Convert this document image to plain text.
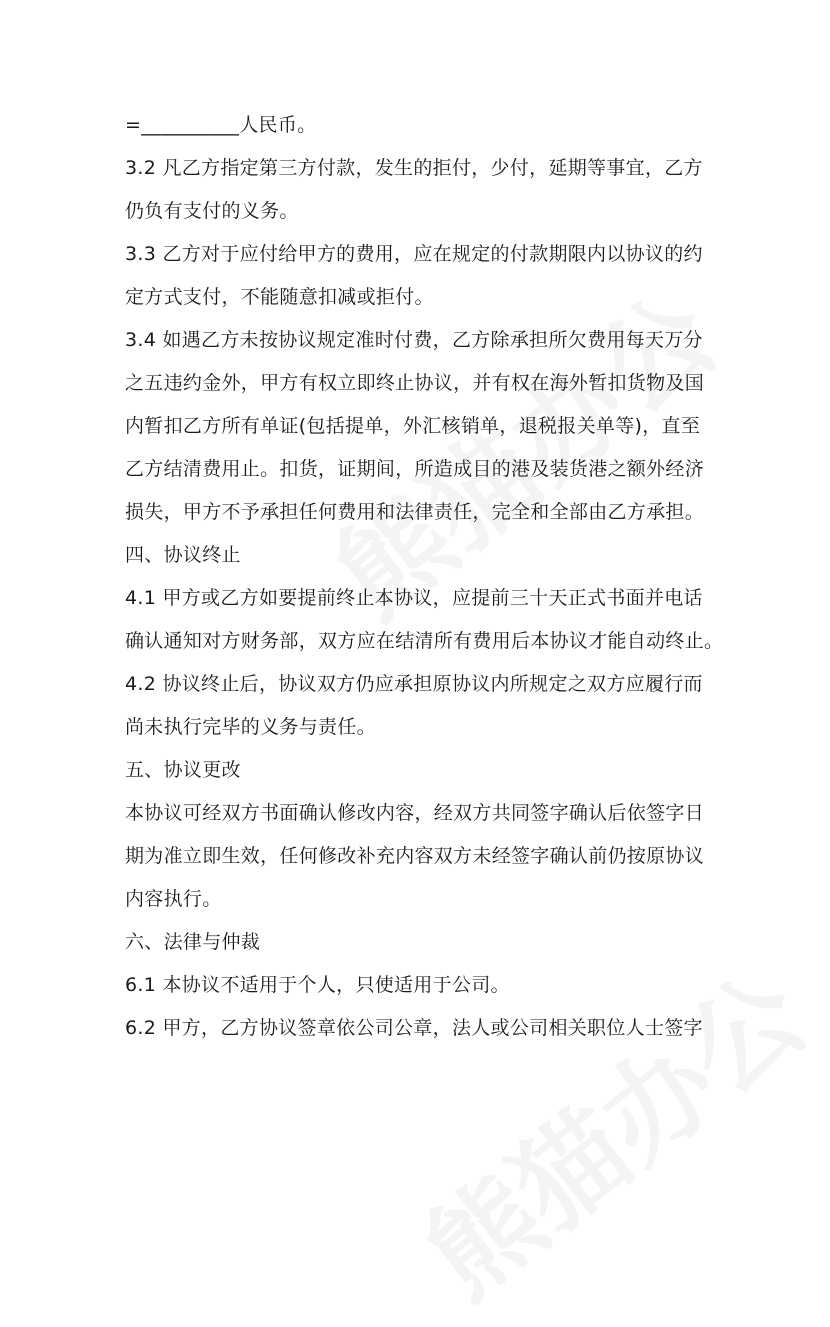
=__________人民币。
3.2 凡乙方指定第三方付款，发生的拒付，少付，延期等事宜，乙方
仍负有支付的义务。
3.3 乙方对于应付给甲方的费用，应在规定的付款期限内以协议的约
定方式支付，不能随意扣减或拒付。
3.4 如遇乙方未按协议规定准时付费，乙方除承担所欠费用每天万分
之五违约金外，甲方有权立即终止协议，并有权在海外暂扣货物及国
内暂扣乙方所有单证(包括提单，外汇核销单，退税报关单等)，直至
乙方结清费用止。扣货，证期间，所造成目的港及装货港之额外经济
损失，甲方不予承担任何费用和法律责任，完全和全部由乙方承担。
四、协议终止
4.1 甲方或乙方如要提前终止本协议，应提前三十天正式书面并电话
确认通知对方财务部，双方应在结清所有费用后本协议才能自动终止。
4.2 协议终止后，协议双方仍应承担原协议内所规定之双方应履行而
尚未执行完毕的义务与责任。
五、协议更改
本协议可经双方书面确认修改内容，经双方共同签字确认后依签字日
期为准立即生效，任何修改补充内容双方未经签字确认前仍按原协议
内容执行。
六、法律与仲裁
6.1 本协议不适用于个人，只使适用于公司。
6.2 甲方，乙方协议签章依公司公章，法人或公司相关职位人士签字
